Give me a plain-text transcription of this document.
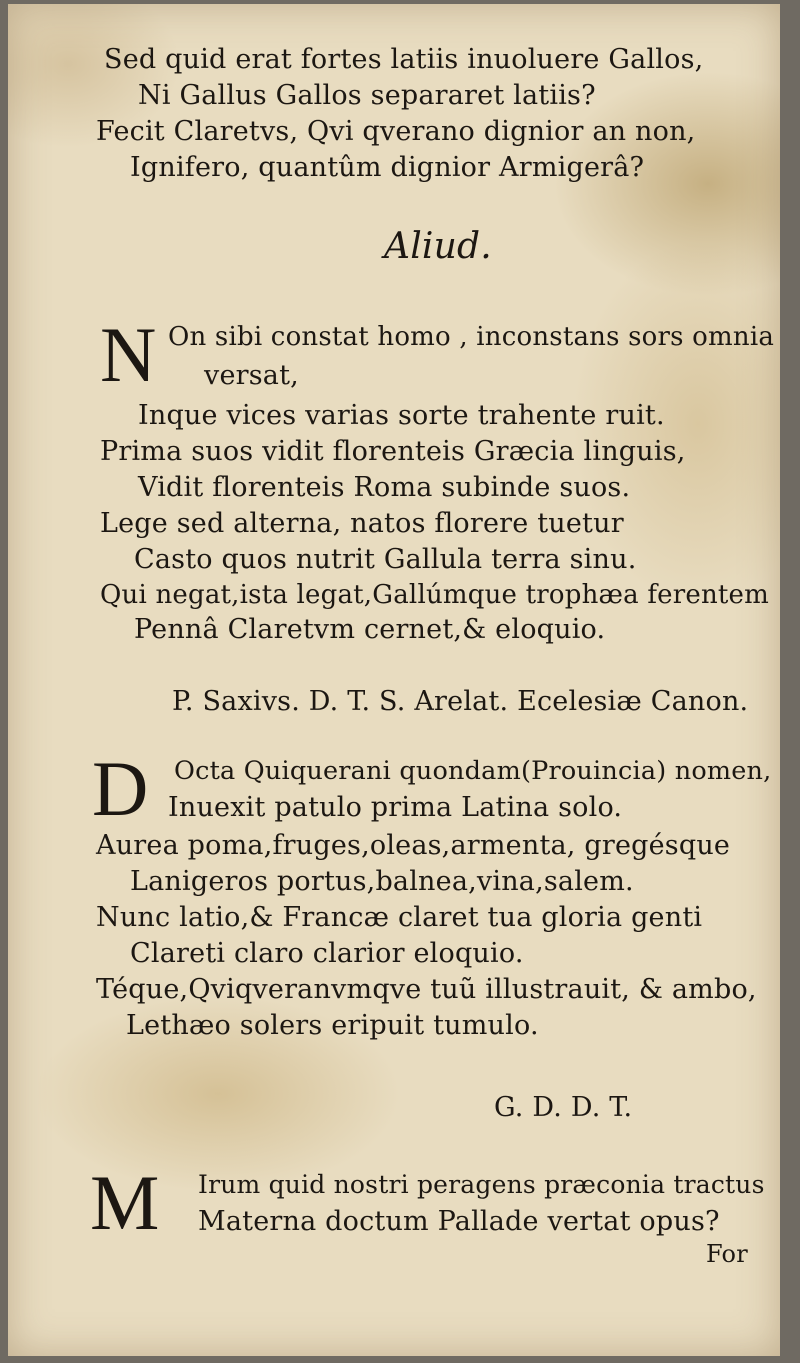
Sed quid erat fortes latiis inuoluere Gallos,
Ni Gallus Gallos separaret latiis?
Fecit Claretvs, Qvi qverano dignior an non,
Ignifero, quantûm dignior Armigerâ?
Aliud.
N On sibi constat homo , inconstans sors omnia
versat,
Inque vices varias sorte trahente ruit.
Prima suos vidit florenteis Græcia linguis,
Vidit florenteis Roma subinde suos.
Lege sed alterna, natos florere tuetur
Casto quos nutrit Gallula terra sinu.
Qui negat,ista legat,Gallúmque trophæa ferentem
Pennâ Claretvm cernet,& eloquio.
P. Saxivs. D. T. S. Arelat. Ecelesiæ Canon.
D Octa Quiquerani quondam(Prouincia) nomen,
Inuexit patulo prima Latina solo.
Aurea poma,fruges,oleas,armenta, gregésque
Lanigeros portus,balnea,vina,salem.
Nunc latio,& Francæ claret tua gloria genti
Clareti claro clarior eloquio.
Téque,Qviqveranvmqve tuũ illustrauit, & ambo,
Lethæo solers eripuit tumulo.
G. D. D. T.
M Irum quid nostri peragens præconia tractus
Materna doctum Pallade vertat opus?
For
